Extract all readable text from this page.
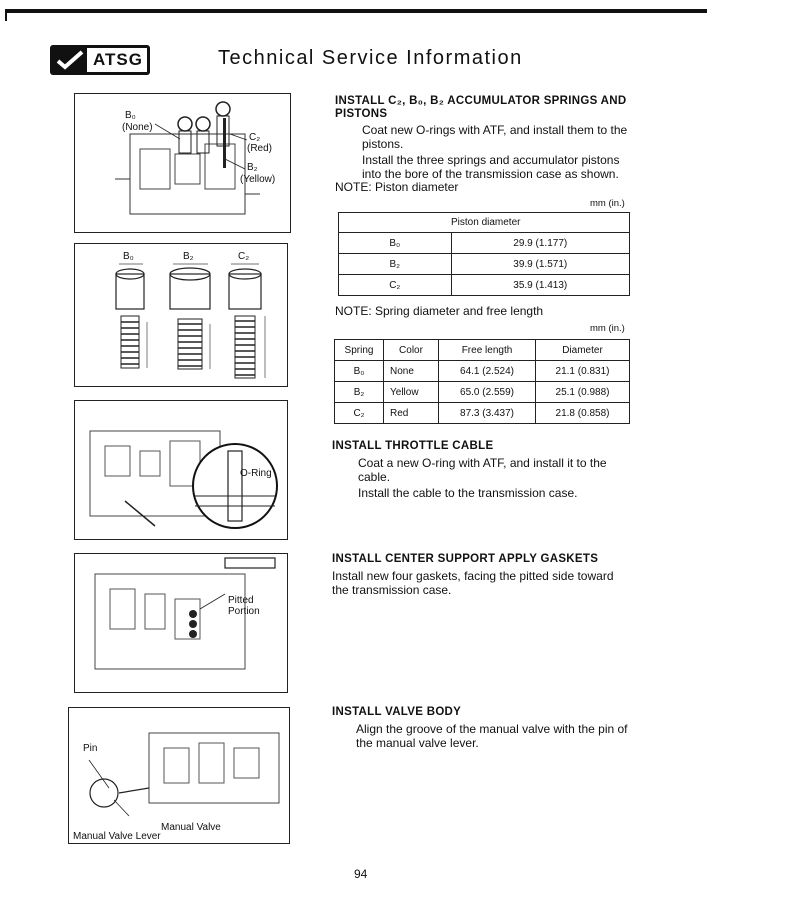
ATSG	Technical Service Information
B₀
(None)
C₂
(Red)
B₂
(Yellow)
B₀	B₂	C₂
O-Ring
Pitted
Portion
Pin
Manual Valve
Manual Valve Lever
INSTALL C₂, B₀, B₂ ACCUMULATOR SPRINGS AND
PISTONS
Coat new O-rings with ATF, and install them to the pistons.
Install the three springs and accumulator pistons into the bore of the transmission case as shown.
NOTE: Piston diameter
mm (in.)
	Piston diameter
B₀	29.9 (1.177)
B₂	39.9 (1.571)
C₂	35.9 (1.413)
NOTE: Spring diameter and free length
mm (in.)
Spring	Color	Free length	Diameter
B₀	None	64.1 (2.524)	21.1 (0.831)
B₂	Yellow	65.0 (2.559)	25.1 (0.988)
C₂	Red	87.3 (3.437)	21.8 (0.858)
INSTALL THROTTLE CABLE
Coat a new O-ring with ATF, and install it to the cable.
Install the cable to the transmission case.
INSTALL CENTER SUPPORT APPLY GASKETS
Install new four gaskets, facing the pitted side toward the transmission case.
INSTALL VALVE BODY
Align the groove of the manual valve with the pin of the manual valve lever.
94
